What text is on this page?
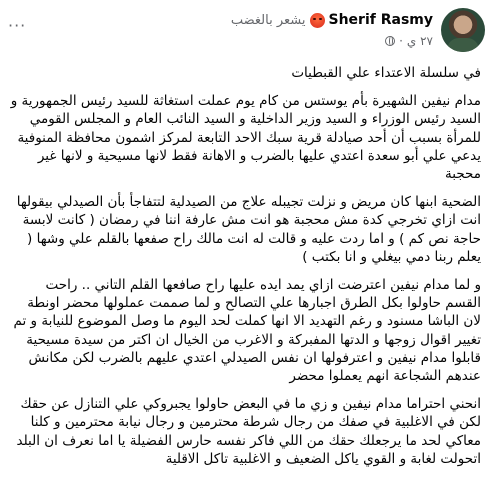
Sherif Rasmy
يشعر بالغضب
٢٧ ي
·
···

في سلسلة الاعتداء علي القبطيات

مدام نيفين الشهيرة بأم يوستس من كام يوم عملت استغاثة للسيد رئيس الجمهورية و السيد رئيس الوزراء و السيد وزير الداخلية و السيد النائب العام و المجلس القومي للمرأة بسبب أن أحد صيادلة قرية سبك الاحد التابعة لمركز اشمون محافظة المنوفية يدعي علي أبو سعدة اعتدي عليها بالضرب و الاهانة فقط لانها مسيحية و لانها غير محجبة

الضحية ابنها كان مريض و نزلت تجيبله علاج من الصيدلية لتتفاجأ بأن الصيدلي بيقولها انت ازاي تخرجي كدة مش محجبة هو انت مش عارفة اننا في رمضان ( كانت لابسة حاجة نص كم ) و اما ردت عليه و قالت له انت مالك راح صفعها بالقلم علي وشها ( يعلم ربنا دمي بيغلي و انا بكتب )

و لما مدام نيفين اعترضت ازاي يمد ايده عليها راح صافعها القلم التاني .. راحت القسم حاولوا بكل الطرق اجبارها علي التصالح و لما صممت عملولها محضر اونطة لان الباشا مسنود و رغم التهديد الا انها كملت لحد اليوم ما وصل الموضوع للنيابة و تم تغيير اقوال زوجها و الدتها المفبركة و الاغرب من الخيال ان اكتر من سيدة مسيحية قابلوا مدام نيفين و اعترفولها ان نفس الصيدلي اعتدي عليهم بالضرب لكن مكانش عندهم الشجاعة انهم يعملوا محضر

انحني احتراما مدام نيفين و زي ما في البعض حاولوا يجبروكي علي التنازل عن حقك لكن في الاغلبية في صفك من رجال شرطة محترمين و رجال نيابة محترمين و كلنا معاكي لحد ما يرجعلك حقك من اللي فاكر نفسه حارس الفضيلة يا اما نعرف ان البلد اتحولت لغابة و القوي ياكل الضعيف و الاغلبية تاكل الاقلية
